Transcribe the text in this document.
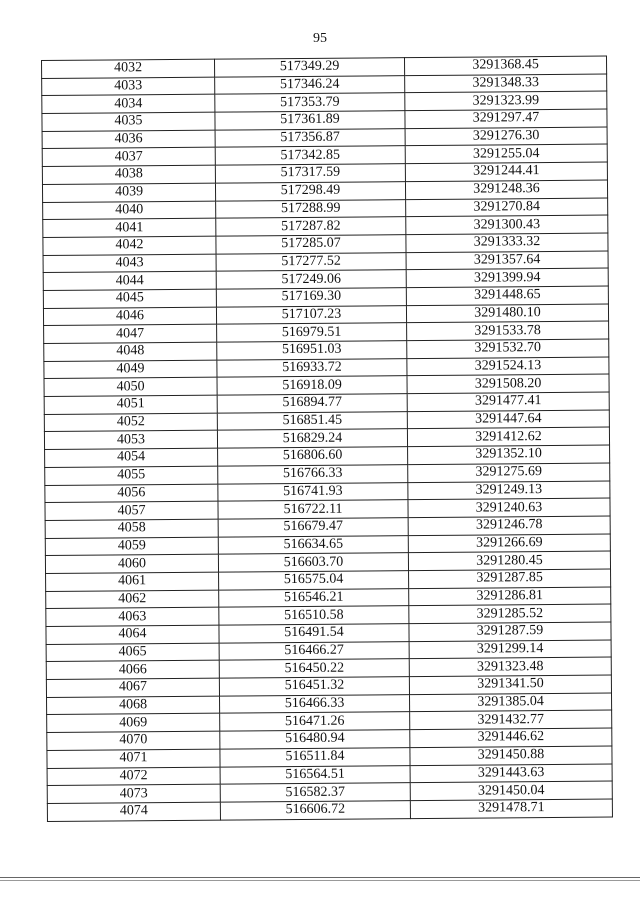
95
4032	517349.29	3291368.45
4033	517346.24	3291348.33
4034	517353.79	3291323.99
4035	517361.89	3291297.47
4036	517356.87	3291276.30
4037	517342.85	3291255.04
4038	517317.59	3291244.41
4039	517298.49	3291248.36
4040	517288.99	3291270.84
4041	517287.82	3291300.43
4042	517285.07	3291333.32
4043	517277.52	3291357.64
4044	517249.06	3291399.94
4045	517169.30	3291448.65
4046	517107.23	3291480.10
4047	516979.51	3291533.78
4048	516951.03	3291532.70
4049	516933.72	3291524.13
4050	516918.09	3291508.20
4051	516894.77	3291477.41
4052	516851.45	3291447.64
4053	516829.24	3291412.62
4054	516806.60	3291352.10
4055	516766.33	3291275.69
4056	516741.93	3291249.13
4057	516722.11	3291240.63
4058	516679.47	3291246.78
4059	516634.65	3291266.69
4060	516603.70	3291280.45
4061	516575.04	3291287.85
4062	516546.21	3291286.81
4063	516510.58	3291285.52
4064	516491.54	3291287.59
4065	516466.27	3291299.14
4066	516450.22	3291323.48
4067	516451.32	3291341.50
4068	516466.33	3291385.04
4069	516471.26	3291432.77
4070	516480.94	3291446.62
4071	516511.84	3291450.88
4072	516564.51	3291443.63
4073	516582.37	3291450.04
4074	516606.72	3291478.71
